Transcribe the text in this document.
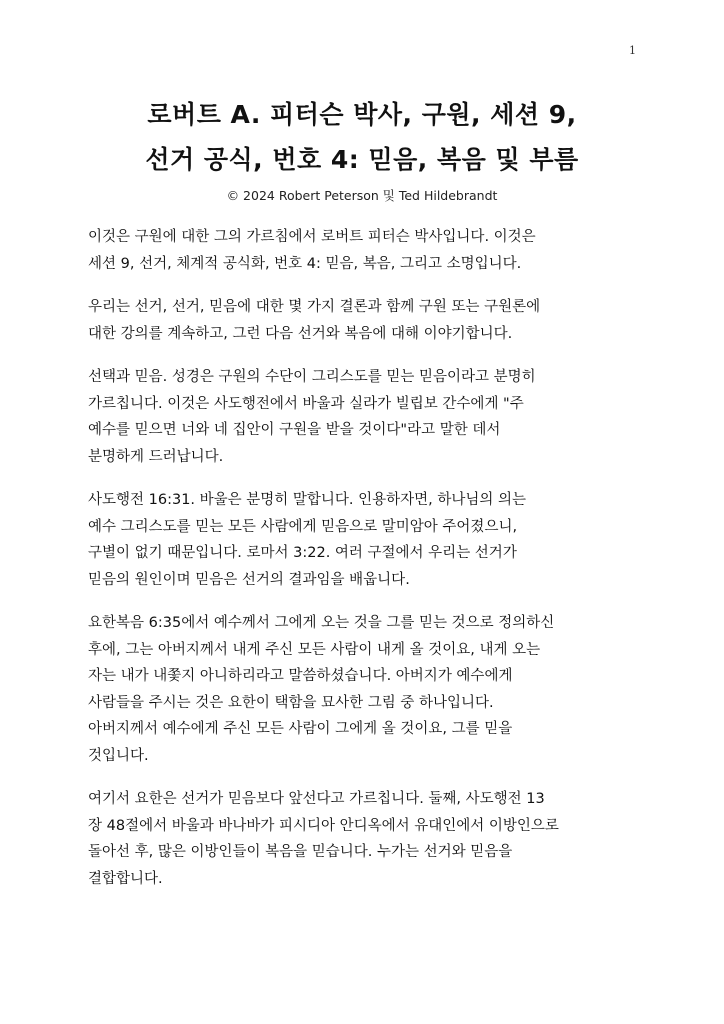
1
로버트 A. 피터슨 박사, 구원, 세션 9,
선거 공식, 번호 4: 믿음, 복음 및 부름
© 2024 Robert Peterson 및 Ted Hildebrandt
이것은 구원에 대한 그의 가르침에서 로버트 피터슨 박사입니다. 이것은
세션 9, 선거, 체계적 공식화, 번호 4: 믿음, 복음, 그리고 소명입니다.
우리는 선거, 선거, 믿음에 대한 몇 가지 결론과 함께 구원 또는 구원론에
대한 강의를 계속하고, 그런 다음 선거와 복음에 대해 이야기합니다.
선택과 믿음. 성경은 구원의 수단이 그리스도를 믿는 믿음이라고 분명히
가르칩니다. 이것은 사도행전에서 바울과 실라가 빌립보 간수에게 "주
예수를 믿으면 너와 네 집안이 구원을 받을 것이다"라고 말한 데서
분명하게 드러납니다.
사도행전 16:31. 바울은 분명히 말합니다. 인용하자면, 하나님의 의는
예수 그리스도를 믿는 모든 사람에게 믿음으로 말미암아 주어졌으니,
구별이 없기 때문입니다. 로마서 3:22. 여러 구절에서 우리는 선거가
믿음의 원인이며 믿음은 선거의 결과임을 배웁니다.
요한복음 6:35에서 예수께서 그에게 오는 것을 그를 믿는 것으로 정의하신
후에, 그는 아버지께서 내게 주신 모든 사람이 내게 올 것이요, 내게 오는
자는 내가 내쫓지 아니하리라고 말씀하셨습니다. 아버지가 예수에게
사람들을 주시는 것은 요한이 택함을 묘사한 그림 중 하나입니다.
아버지께서 예수에게 주신 모든 사람이 그에게 올 것이요, 그를 믿을
것입니다.
여기서 요한은 선거가 믿음보다 앞선다고 가르칩니다. 둘째, 사도행전 13
장 48절에서 바울과 바나바가 피시디아 안디옥에서 유대인에서 이방인으로
돌아선 후, 많은 이방인들이 복음을 믿습니다. 누가는 선거와 믿음을
결합합니다.
